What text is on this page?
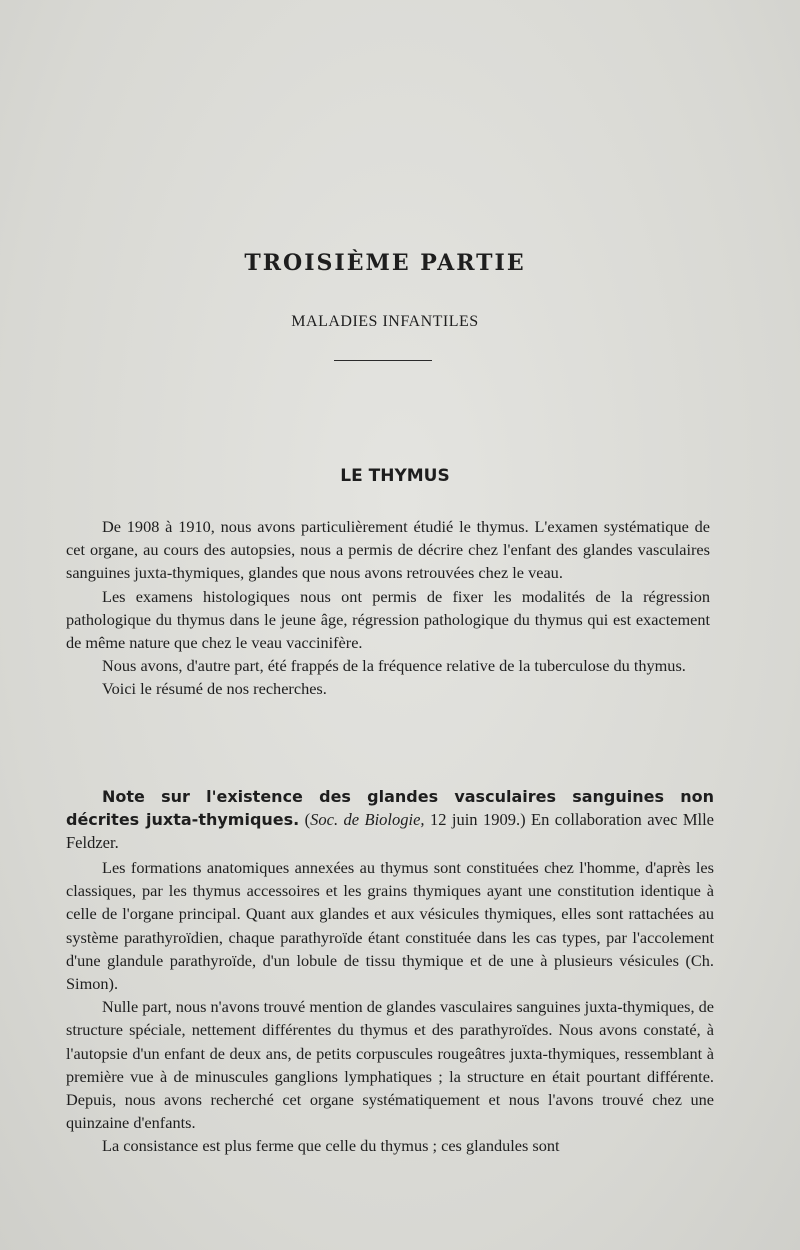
TROISIÈME PARTIE
MALADIES INFANTILES
LE THYMUS

De 1908 à 1910, nous avons particulièrement étudié le thymus. L'examen systématique de cet organe, au cours des autopsies, nous a permis de décrire chez l'enfant des glandes vasculaires sanguines juxta-thymiques, glandes que nous avons retrouvées chez le veau.

Les examens histologiques nous ont permis de fixer les modalités de la régression pathologique du thymus dans le jeune âge, régression pathologique du thymus qui est exactement de même nature que chez le veau vaccinifère.

Nous avons, d'autre part, été frappés de la fréquence relative de la tuberculose du thymus.

Voici le résumé de nos recherches.

Note sur l'existence des glandes vasculaires sanguines non décrites juxta-thymiques. (Soc. de Biologie, 12 juin 1909.) En collaboration avec Mlle Feldzer.

Les formations anatomiques annexées au thymus sont constituées chez l'homme, d'après les classiques, par les thymus accessoires et les grains thymiques ayant une constitution identique à celle de l'organe principal. Quant aux glandes et aux vésicules thymiques, elles sont rattachées au système parathyroïdien, chaque parathyroïde étant constituée dans les cas types, par l'accolement d'une glandule parathyroïde, d'un lobule de tissu thymique et de une à plusieurs vésicules (Ch. Simon).

Nulle part, nous n'avons trouvé mention de glandes vasculaires sanguines juxta-thymiques, de structure spéciale, nettement différentes du thymus et des parathyroïdes. Nous avons constaté, à l'autopsie d'un enfant de deux ans, de petits corpuscules rougeâtres juxta-thymiques, ressemblant à première vue à de minuscules ganglions lymphatiques ; la structure en était pourtant différente. Depuis, nous avons recherché cet organe systématiquement et nous l'avons trouvé chez une quinzaine d'enfants.

La consistance est plus ferme que celle du thymus ; ces glandules sont
